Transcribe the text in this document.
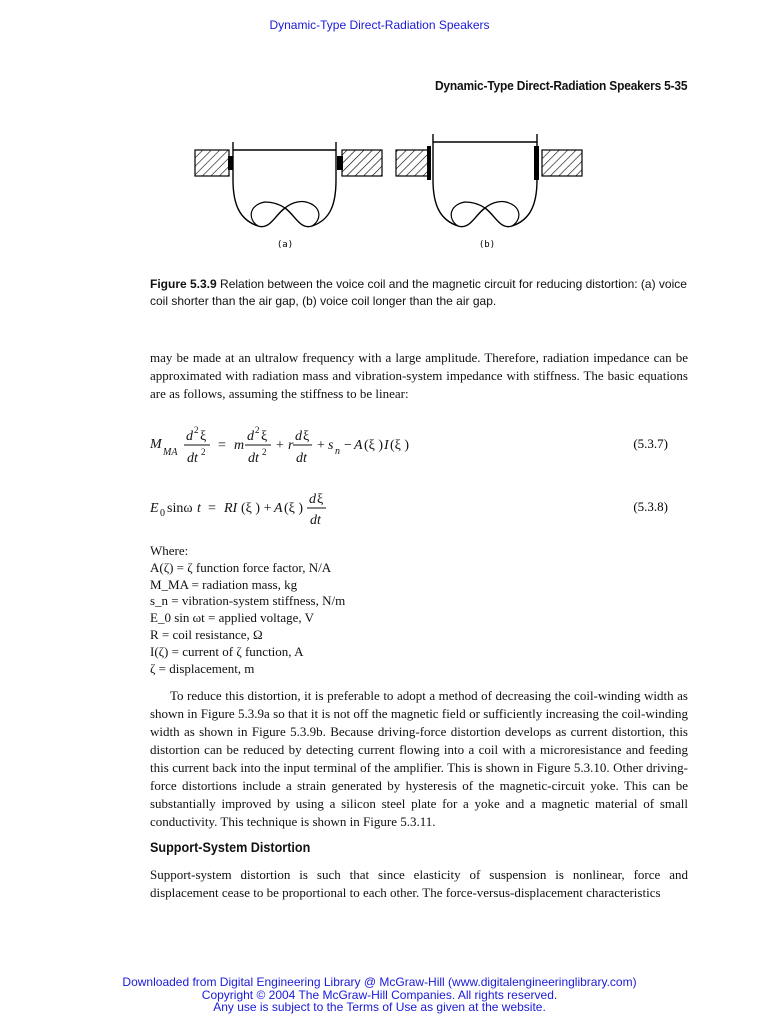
Dynamic-Type Direct-Radiation Speakers
Dynamic-Type Direct-Radiation Speakers 5-35
(a)	(b)
Figure 5.3.9 Relation between the voice coil and the magnetic circuit for reducing distortion: (a) voice coil shorter than the air gap, (b) voice coil longer than the air gap.
may be made at an ultralow frequency with a large amplitude. Therefore, radiation impedance can be approximated with radiation mass and vibration-system impedance with stiffness. The basic equations are as follows, assuming the stiffness to be linear:
M
MA
d 2 ξ
dt 2 = m
d 2 ξ
dt 2 + r
d ξ
dt
+ s n − A (ξ ) I (ξ )	(5.3.7)
E 0 sinω t = RI (ξ ) + A (ξ )
d ξ
dt
(5.3.8)
Where:
A(ζ) = ζ function force factor, N/A
M_MA = radiation mass, kg
s_n = vibration-system stiffness, N/m
E_0 sin ωt = applied voltage, V
R = coil resistance, Ω
I(ζ) = current of ζ function, A
ζ = displacement, m
To reduce this distortion, it is preferable to adopt a method of decreasing the coil-winding width as shown in Figure 5.3.9a so that it is not off the magnetic field or sufficiently increasing the coil-winding width as shown in Figure 5.3.9b. Because driving-force distortion develops as current distortion, this distortion can be reduced by detecting current flowing into a coil with a microresistance and feeding this current back into the input terminal of the amplifier. This is shown in Figure 5.3.10. Other driving-force distortions include a strain generated by hysteresis of the magnetic-circuit yoke. This can be substantially improved by using a silicon steel plate for a yoke and a magnetic material of small conductivity. This technique is shown in Figure 5.3.11.
Support-System Distortion
Support-system distortion is such that since elasticity of suspension is nonlinear, force and displacement cease to be proportional to each other. The force-versus-displacement characteristics
Downloaded from Digital Engineering Library @ McGraw-Hill (www.digitalengineeringlibrary.com)
Copyright © 2004 The McGraw-Hill Companies. All rights reserved.
Any use is subject to the Terms of Use as given at the website.
